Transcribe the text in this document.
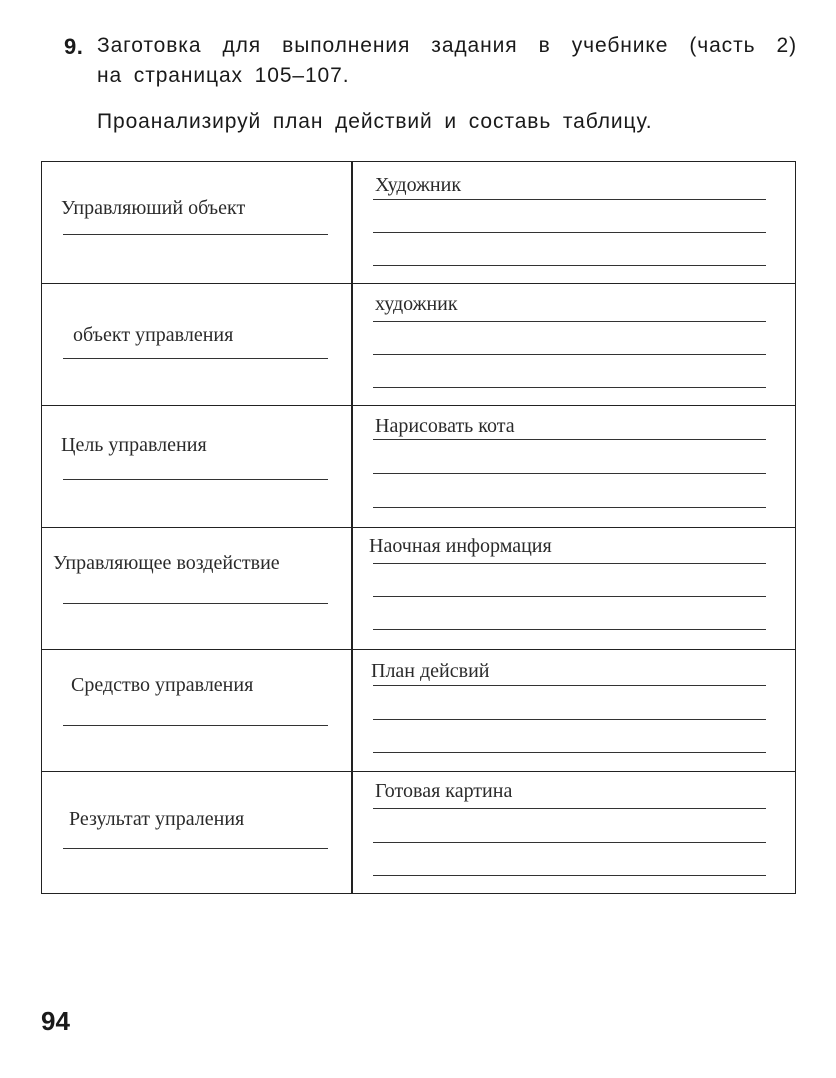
9. Заготовка для выполнения задания в учебнике (часть 2)
на страницах 105–107.
Проанализируй план действий и составь таблицу.
Управляюший объект
Художник
объект управления
художник
Цель управления
Нарисовать кота
Управляющее воздействие
Наочная информация
Средство управления
План дейсвий
Результат упраления
Готовая картина
94
